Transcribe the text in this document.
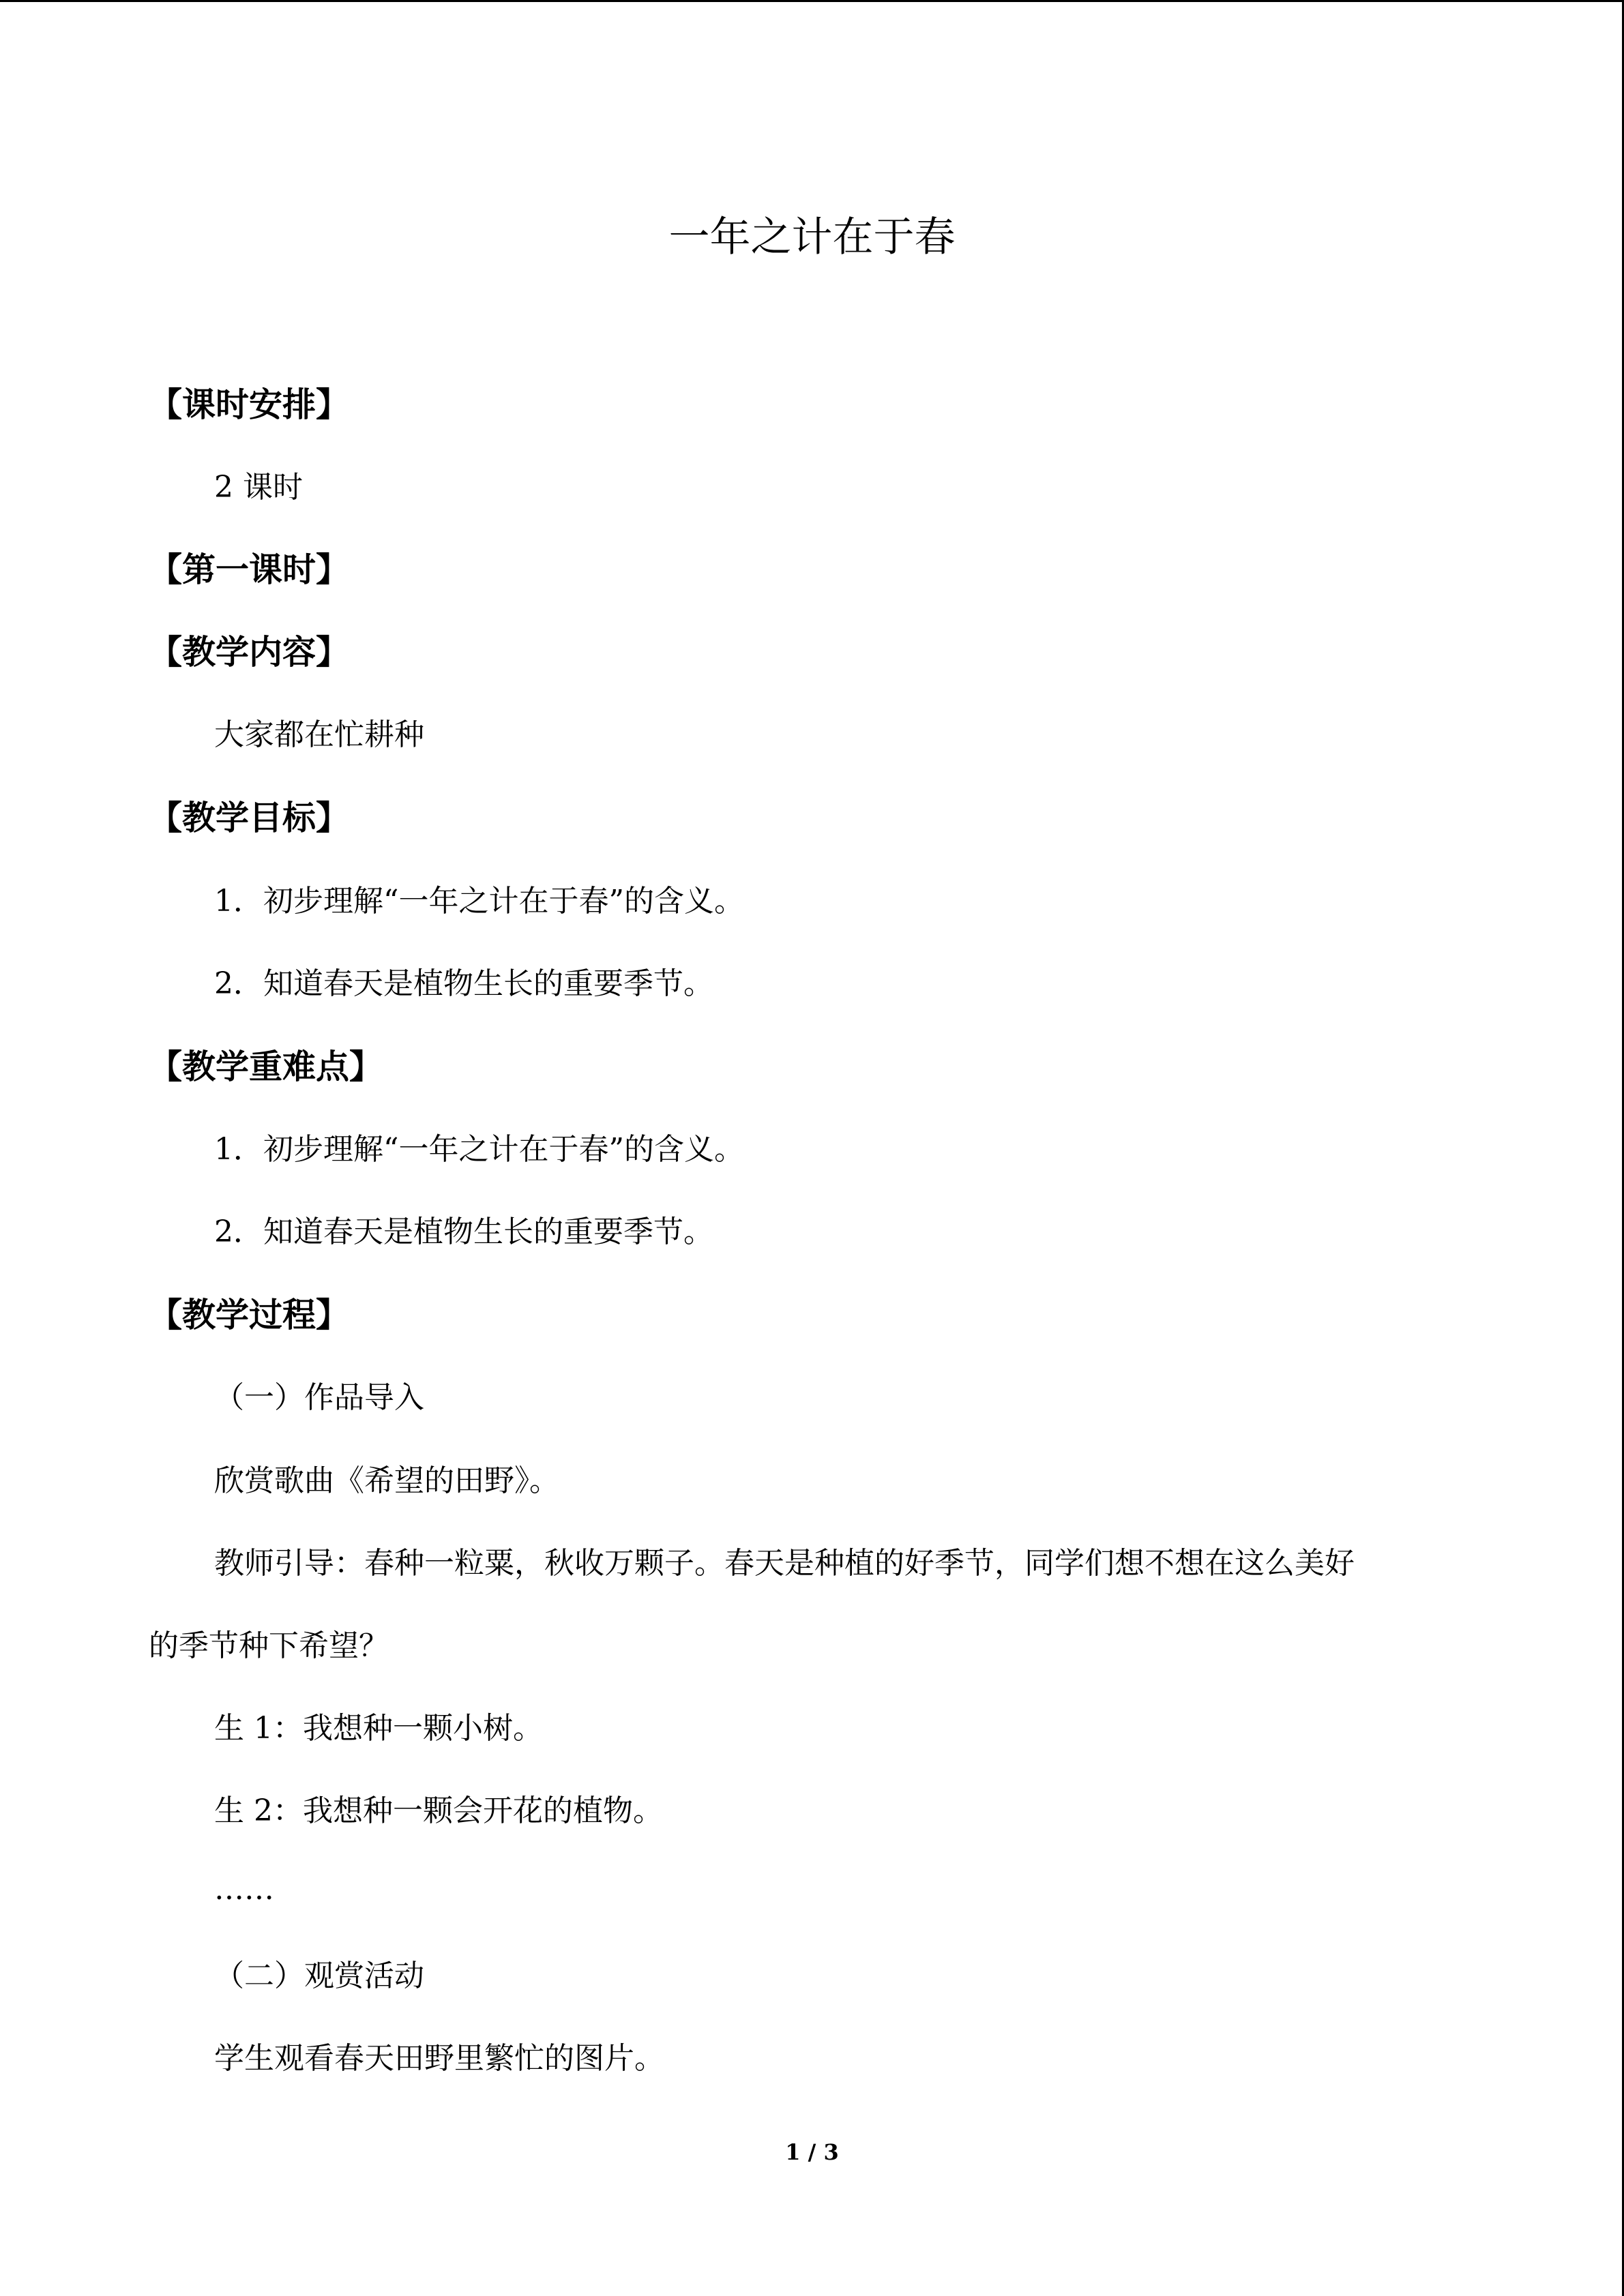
一年之计在于春
【课时安排】
2 课时
【第一课时】
【教学内容】
大家都在忙耕种
【教学目标】
1．初步理解“一年之计在于春”的含义。
2．知道春天是植物生长的重要季节。
【教学重难点】
1．初步理解“一年之计在于春”的含义。
2．知道春天是植物生长的重要季节。
【教学过程】
（一）作品导入
欣赏歌曲《希望的田野》。
教师引导：春种一粒粟，秋收万颗子。春天是种植的好季节，同学们想不想在这么美好
的季节种下希望？
生 1：我想种一颗小树。
生 2：我想种一颗会开花的植物。
……
（二）观赏活动
学生观看春天田野里繁忙的图片。
1 / 3
